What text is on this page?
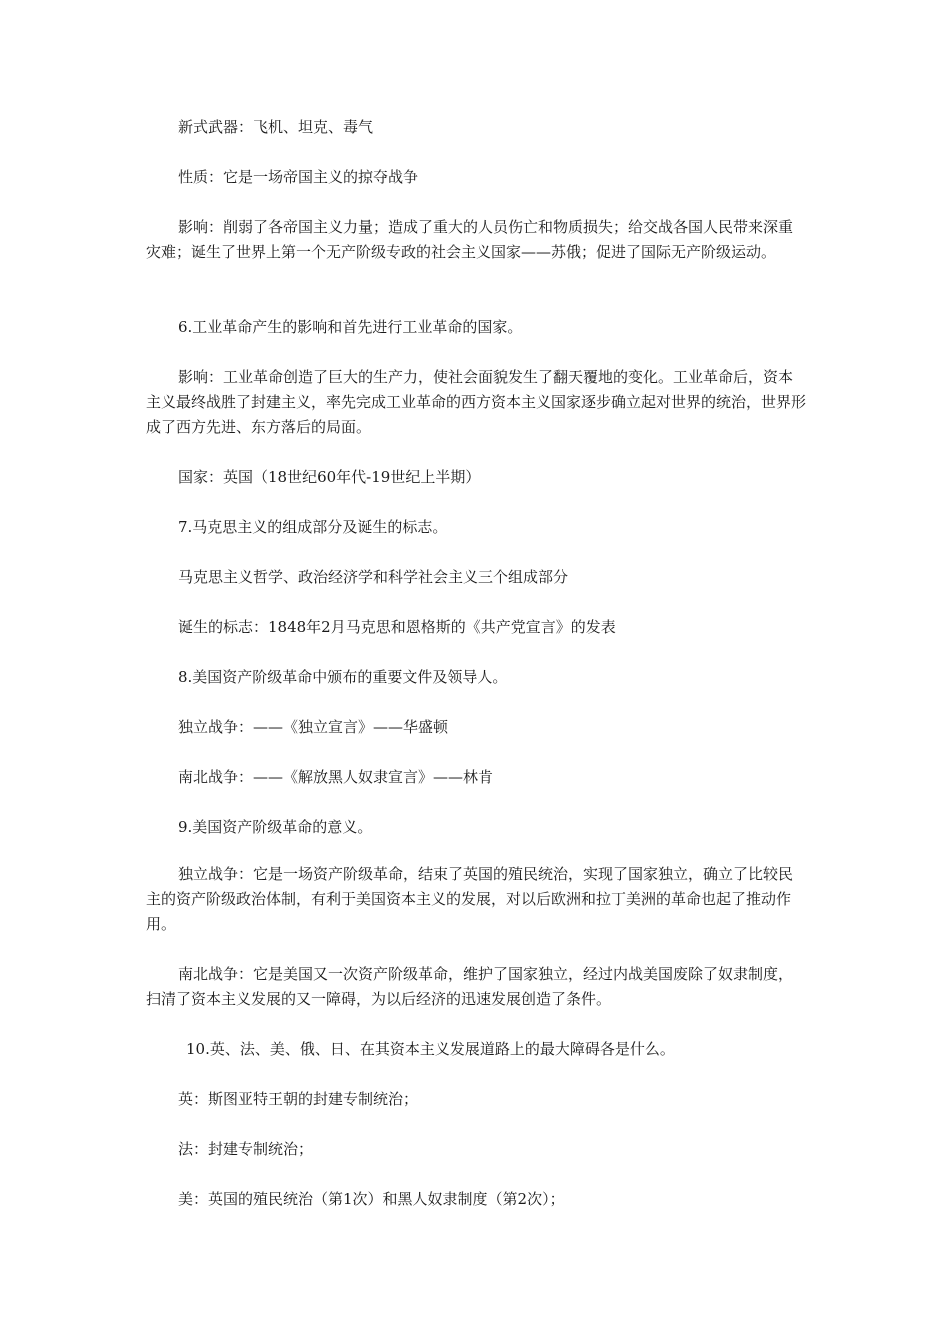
新式武器：飞机、坦克、毒气

性质：它是一场帝国主义的掠夺战争

影响：削弱了各帝国主义力量；造成了重大的人员伤亡和物质损失；给交战各国人民带来深重灾难；诞生了世界上第一个无产阶级专政的社会主义国家——苏俄；促进了国际无产阶级运动。

6.工业革命产生的影响和首先进行工业革命的国家。

影响：工业革命创造了巨大的生产力，使社会面貌发生了翻天覆地的变化。工业革命后，资本主义最终战胜了封建主义，率先完成工业革命的西方资本主义国家逐步确立起对世界的统治，世界形成了西方先进、东方落后的局面。

国家：英国（18世纪60年代-19世纪上半期）

7.马克思主义的组成部分及诞生的标志。

马克思主义哲学、政治经济学和科学社会主义三个组成部分

诞生的标志：1848年2月马克思和恩格斯的《共产党宣言》的发表

8.美国资产阶级革命中颁布的重要文件及领导人。

独立战争：——《独立宣言》——华盛顿

南北战争：——《解放黑人奴隶宣言》——林肯

9.美国资产阶级革命的意义。

独立战争：它是一场资产阶级革命，结束了英国的殖民统治，实现了国家独立，确立了比较民主的资产阶级政治体制，有利于美国资本主义的发展，对以后欧洲和拉丁美洲的革命也起了推动作用。

南北战争：它是美国又一次资产阶级革命，维护了国家独立，经过内战美国废除了奴隶制度，扫清了资本主义发展的又一障碍，为以后经济的迅速发展创造了条件。

10.英、法、美、俄、日、在其资本主义发展道路上的最大障碍各是什么。

英：斯图亚特王朝的封建专制统治；

法：封建专制统治；

美：英国的殖民统治（第1次）和黑人奴隶制度（第2次）；
